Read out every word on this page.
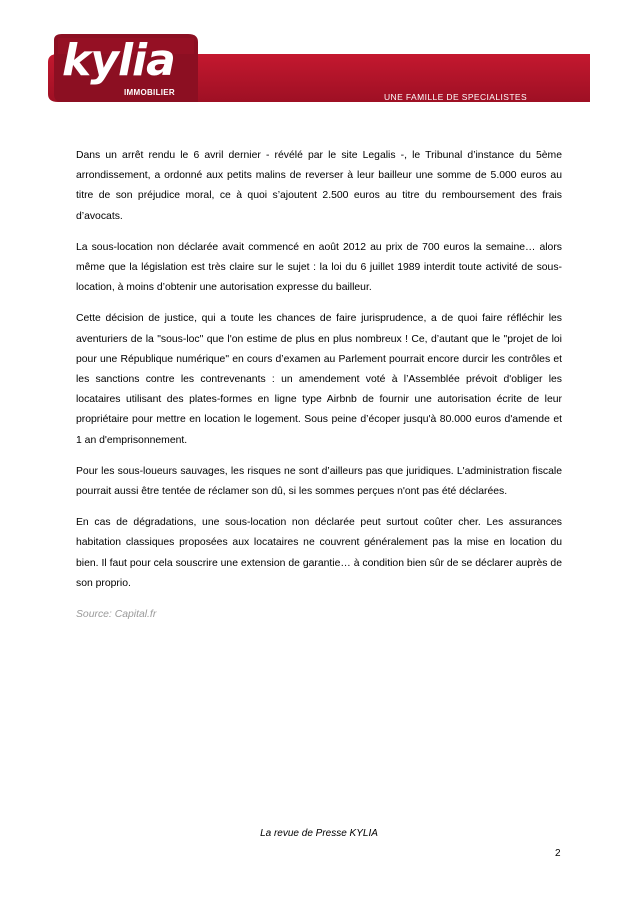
kylia
IMMOBILIER	UNE FAMILLE DE SPECIALISTES

Dans un arrêt rendu le 6 avril dernier - révélé par le site Legalis -, le Tribunal d’instance du 5ème arrondissement, a ordonné aux petits malins de reverser à leur bailleur une somme de 5.000 euros au titre de son préjudice moral, ce à quoi s’ajoutent 2.500 euros au titre du remboursement des frais d’avocats.

La sous-location non déclarée avait commencé en août 2012 au prix de 700 euros la semaine… alors même que la législation est très claire sur le sujet : la loi du 6 juillet 1989 interdit toute activité de sous-location, à moins d’obtenir une autorisation expresse du bailleur.

Cette décision de justice, qui a toute les chances de faire jurisprudence, a de quoi faire réfléchir les aventuriers de la "sous-loc" que l'on estime de plus en plus nombreux ! Ce, d’autant que le "projet de loi pour une République numérique" en cours d’examen au Parlement pourrait encore durcir les contrôles et les sanctions contre les contrevenants : un amendement voté à l’Assemblée prévoit d'obliger les locataires utilisant des plates-formes en ligne type Airbnb de fournir une autorisation écrite de leur propriétaire pour mettre en location le logement. Sous peine d’écoper jusqu'à 80.000 euros d'amende et 1 an d'emprisonnement.

Pour les sous-loueurs sauvages, les risques ne sont d’ailleurs pas que juridiques. L'administration fiscale pourrait aussi être tentée de réclamer son dû, si les sommes perçues n'ont pas été déclarées.

En cas de dégradations, une sous-location non déclarée peut surtout coûter cher. Les assurances habitation classiques proposées aux locataires ne couvrent généralement pas la mise en location du bien. Il faut pour cela souscrire une extension de garantie… à condition bien sûr de se déclarer auprès de son proprio.

Source: Capital.fr

La revue de Presse KYLIA
2
